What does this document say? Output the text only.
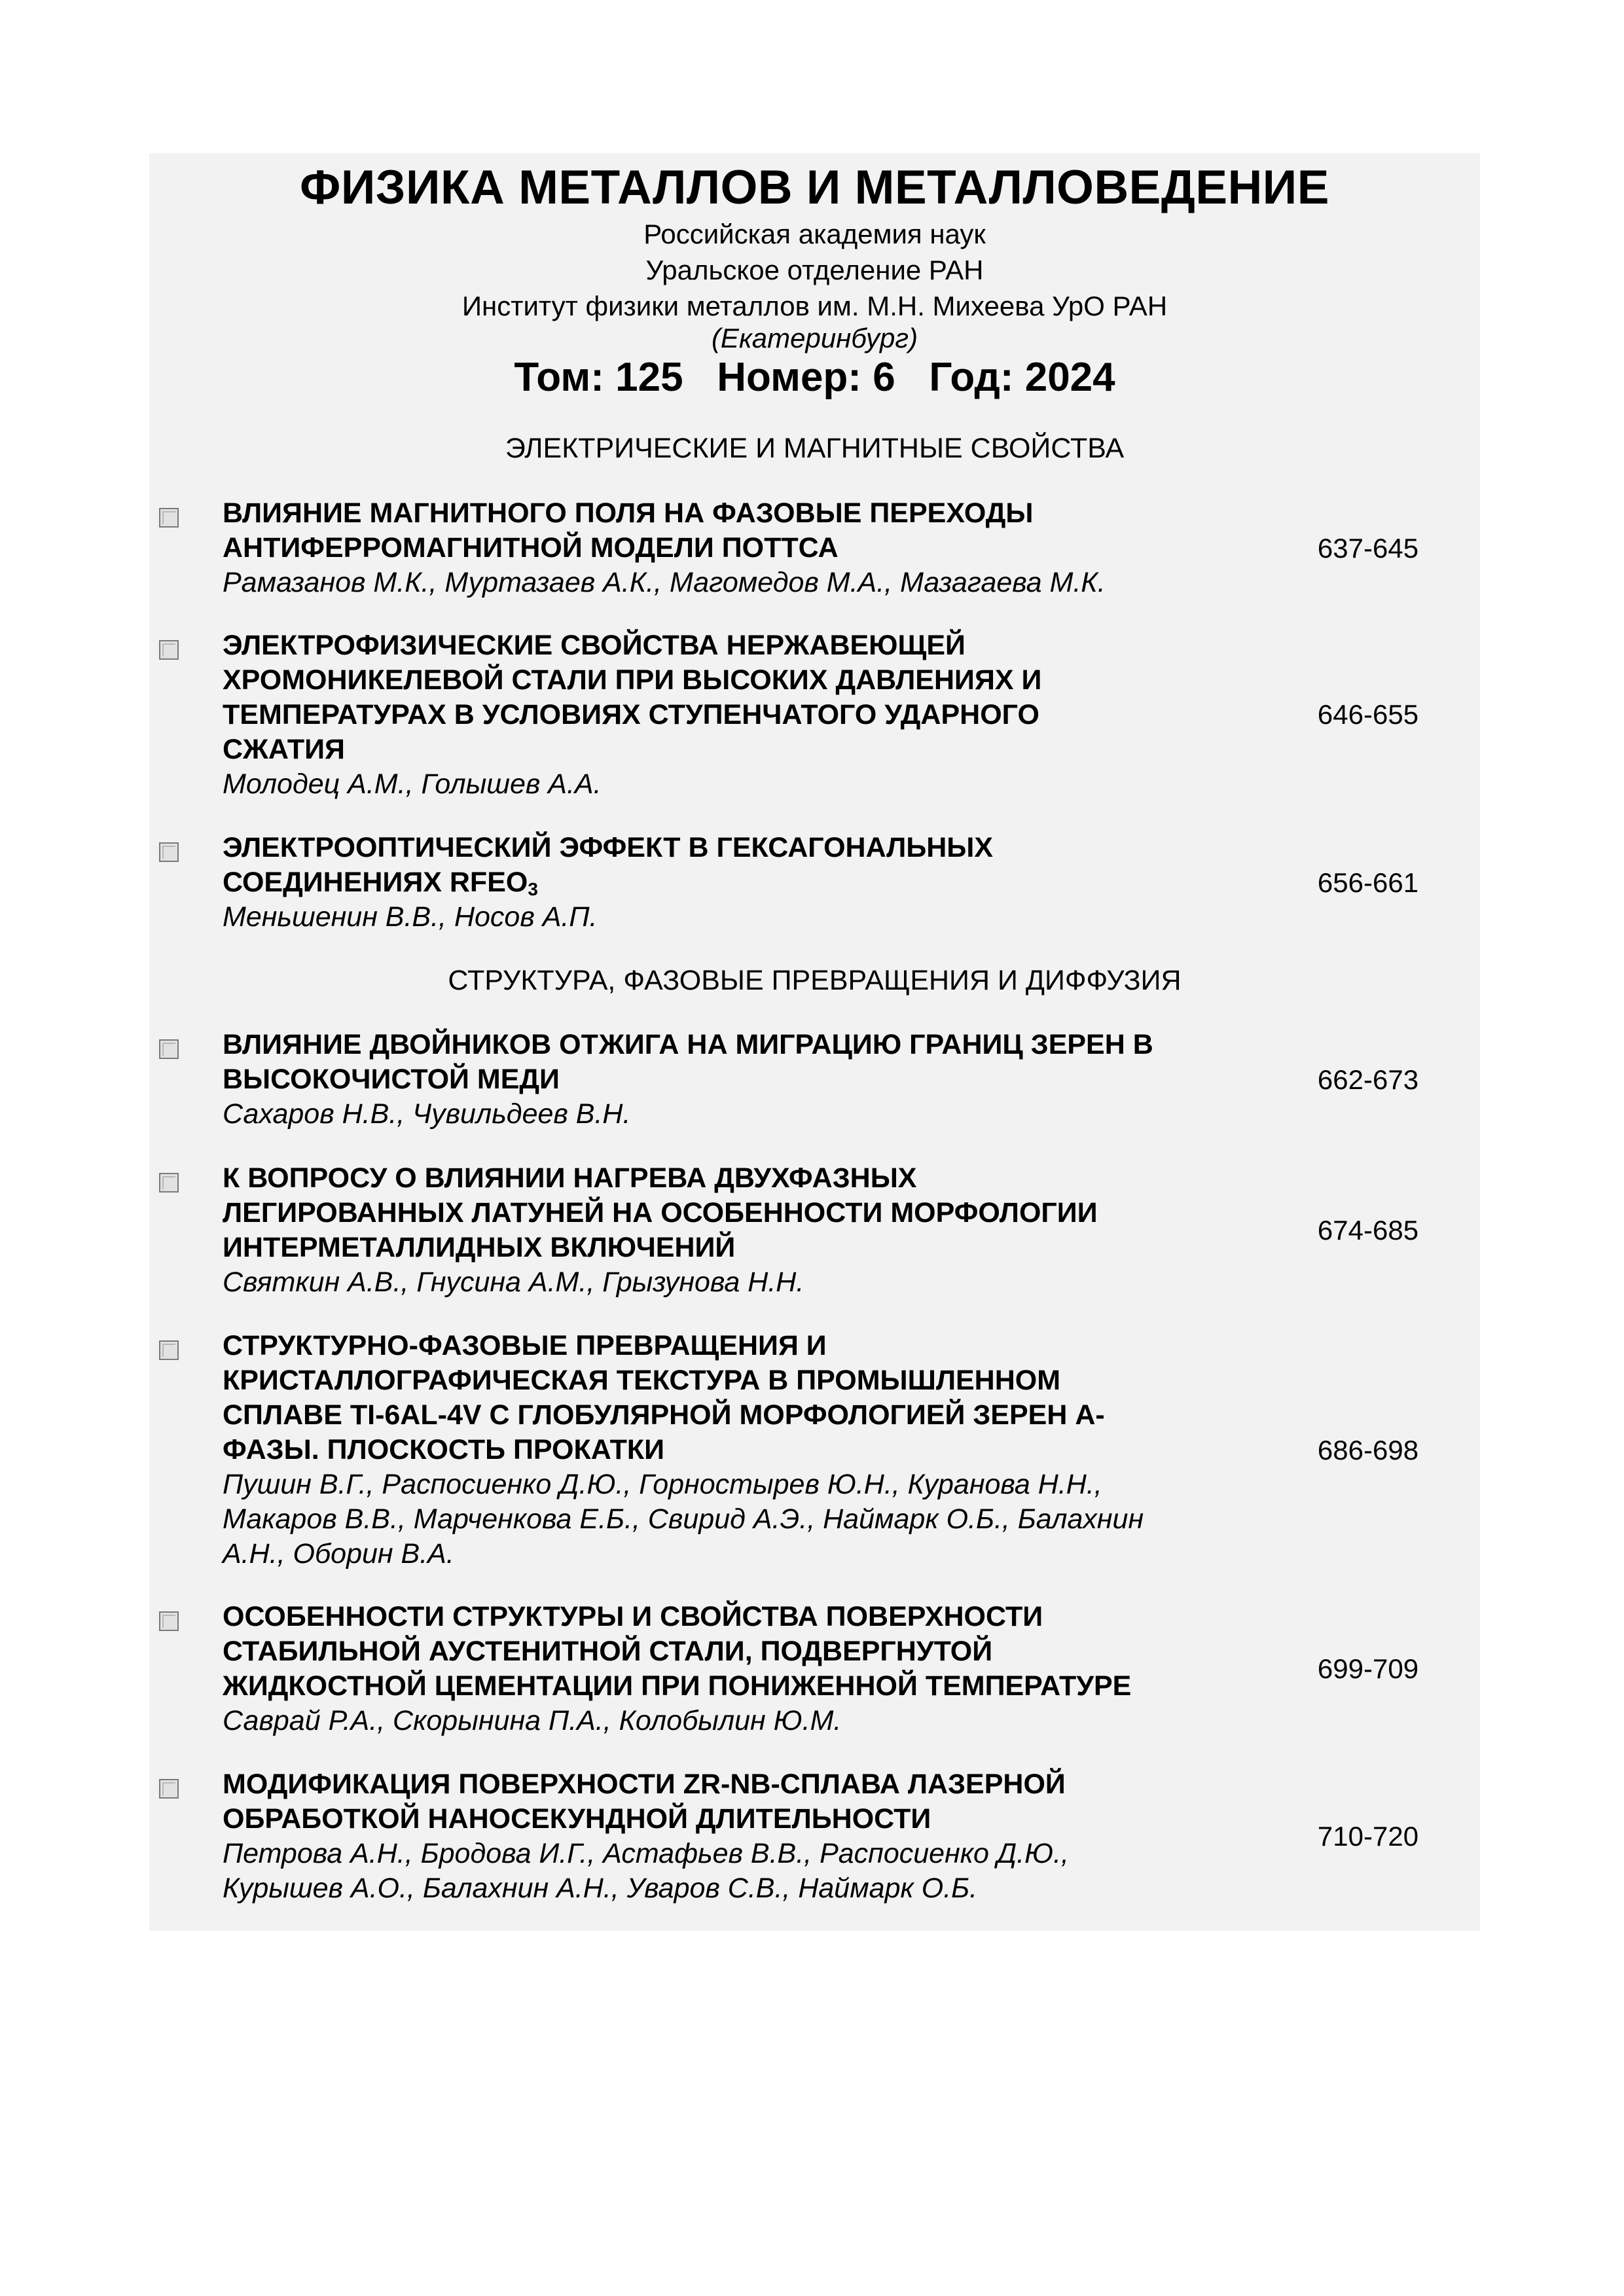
ФИЗИКА МЕТАЛЛОВ И МЕТАЛЛОВЕДЕНИЕ
Российская академия наук
Уральское отделение РАН
Институт физики металлов им. М.Н. Михеева УрО РАН
(Екатеринбург)
Том: 125 Номер: 6 Год: 2024
ЭЛЕКТРИЧЕСКИЕ И МАГНИТНЫЕ СВОЙСТВА
ВЛИЯНИЕ МАГНИТНОГО ПОЛЯ НА ФАЗОВЫЕ ПЕРЕХОДЫ
АНТИФЕРРОМАГНИТНОЙ МОДЕЛИ ПОТТСА
Рамазанов М.К., Муртазаев А.К., Магомедов М.А., Мазагаева М.К.
637-645
ЭЛЕКТРОФИЗИЧЕСКИЕ СВОЙСТВА НЕРЖАВЕЮЩЕЙ
ХРОМОНИКЕЛЕВОЙ СТАЛИ ПРИ ВЫСОКИХ ДАВЛЕНИЯХ И
ТЕМПЕРАТУРАХ В УСЛОВИЯХ СТУПЕНЧАТОГО УДАРНОГО
СЖАТИЯ
Молодец А.М., Голышев А.А.
646-655
ЭЛЕКТРООПТИЧЕСКИЙ ЭФФЕКТ В ГЕКСАГОНАЛЬНЫХ
СОЕДИНЕНИЯХ $RFEO_3$
Меньшенин В.В., Носов А.П.
656-661
СТРУКТУРА, ФАЗОВЫЕ ПРЕВРАЩЕНИЯ И ДИФФУЗИЯ
ВЛИЯНИЕ ДВОЙНИКОВ ОТЖИГА НА МИГРАЦИЮ ГРАНИЦ ЗЕРЕН В
ВЫСОКОЧИСТОЙ МЕДИ
Сахаров Н.В., Чувильдеев В.Н.
662-673
К ВОПРОСУ О ВЛИЯНИИ НАГРЕВА ДВУХФАЗНЫХ
ЛЕГИРОВАННЫХ ЛАТУНЕЙ НА ОСОБЕННОСТИ МОРФОЛОГИИ
ИНТЕРМЕТАЛЛИДНЫХ ВКЛЮЧЕНИЙ
Святкин А.В., Гнусина А.М., Грызунова Н.Н.
674-685
СТРУКТУРНО-ФАЗОВЫЕ ПРЕВРАЩЕНИЯ И
КРИСТАЛЛОГРАФИЧЕСКАЯ ТЕКСТУРА В ПРОМЫШЛЕННОМ
СПЛАВЕ TI-6AL-4V С ГЛОБУЛЯРНОЙ МОРФОЛОГИЕЙ ЗЕРЕН А-
ФАЗЫ. ПЛОСКОСТЬ ПРОКАТКИ
Пушин В.Г., Распосиенко Д.Ю., Горностырев Ю.Н., Куранова Н.Н.,
Макаров В.В., Марченкова Е.Б., Свирид А.Э., Наймарк О.Б., Балахнин
А.Н., Оборин В.А.
686-698
ОСОБЕННОСТИ СТРУКТУРЫ И СВОЙСТВА ПОВЕРХНОСТИ
СТАБИЛЬНОЙ АУСТЕНИТНОЙ СТАЛИ, ПОДВЕРГНУТОЙ
ЖИДКОСТНОЙ ЦЕМЕНТАЦИИ ПРИ ПОНИЖЕННОЙ ТЕМПЕРАТУРЕ
Саврай Р.А., Скорынина П.А., Колобылин Ю.М.
699-709
МОДИФИКАЦИЯ ПОВЕРХНОСТИ ZR-NB-СПЛАВА ЛАЗЕРНОЙ
ОБРАБОТКОЙ НАНОСЕКУНДНОЙ ДЛИТЕЛЬНОСТИ
Петрова А.Н., Бродова И.Г., Астафьев В.В., Распосиенко Д.Ю.,
Курышев А.О., Балахнин А.Н., Уваров С.В., Наймарк О.Б.
710-720
